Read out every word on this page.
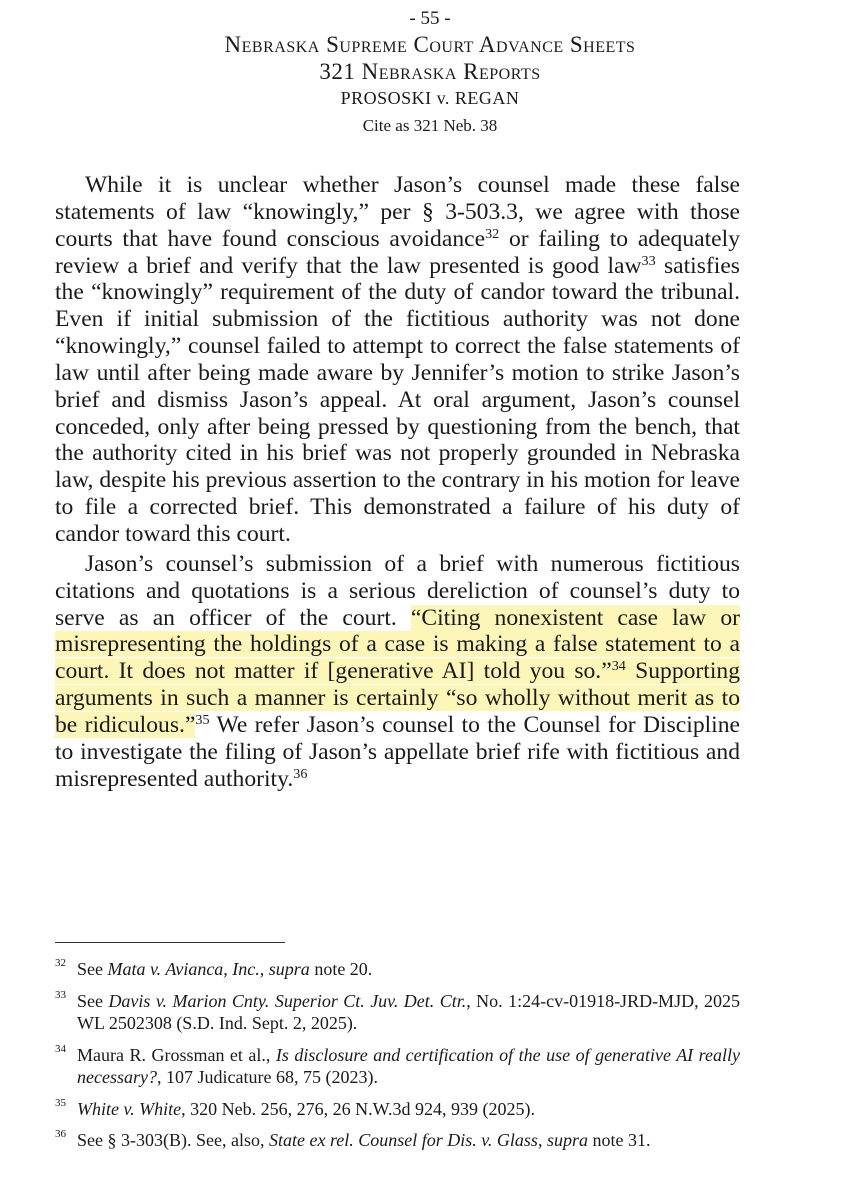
- 55 -
Nebraska Supreme Court Advance Sheets
321 Nebraska Reports
PROSOSKI v. REGAN
Cite as 321 Neb. 38

While it is unclear whether Jason’s counsel made these false statements of law “knowingly,” per § 3-503.3, we agree with those courts that have found conscious avoidance$^{32}$ or failing to adequately review a brief and verify that the law presented is good law$^{33}$ satisfies the “knowingly” requirement of the duty of candor toward the tribunal. Even if initial submission of the fictitious authority was not done “knowingly,” counsel failed to attempt to correct the false statements of law until after being made aware by Jennifer’s motion to strike Jason’s brief and dismiss Jason’s appeal. At oral argument, Jason’s counsel conceded, only after being pressed by questioning from the bench, that the authority cited in his brief was not properly grounded in Nebraska law, despite his previous assertion to the contrary in his motion for leave to file a corrected brief. This demonstrated a failure of his duty of candor toward this court.

Jason’s counsel’s submission of a brief with numerous fictitious citations and quotations is a serious dereliction of counsel’s duty to serve as an officer of the court. “Citing nonexistent case law or misrepresenting the holdings of a case is making a false statement to a court. It does not matter if [generative AI] told you so.”$^{34}$ Supporting arguments in such a manner is certainly “so wholly without merit as to be ridiculous.”$^{35}$ We refer Jason’s counsel to the Counsel for Discipline to investigate the filing of Jason’s appellate brief rife with fictitious and misrepresented authority.$^{36}$

32 See Mata v. Avianca, Inc., supra note 20.
33 See Davis v. Marion Cnty. Superior Ct. Juv. Det. Ctr., No. 1:24-cv-01918-JRD-MJD, 2025 WL 2502308 (S.D. Ind. Sept. 2, 2025).
34 Maura R. Grossman et al., Is disclosure and certification of the use of generative AI really necessary?, 107 Judicature 68, 75 (2023).
35 White v. White, 320 Neb. 256, 276, 26 N.W.3d 924, 939 (2025).
36 See § 3-303(B). See, also, State ex rel. Counsel for Dis. v. Glass, supra note 31.
